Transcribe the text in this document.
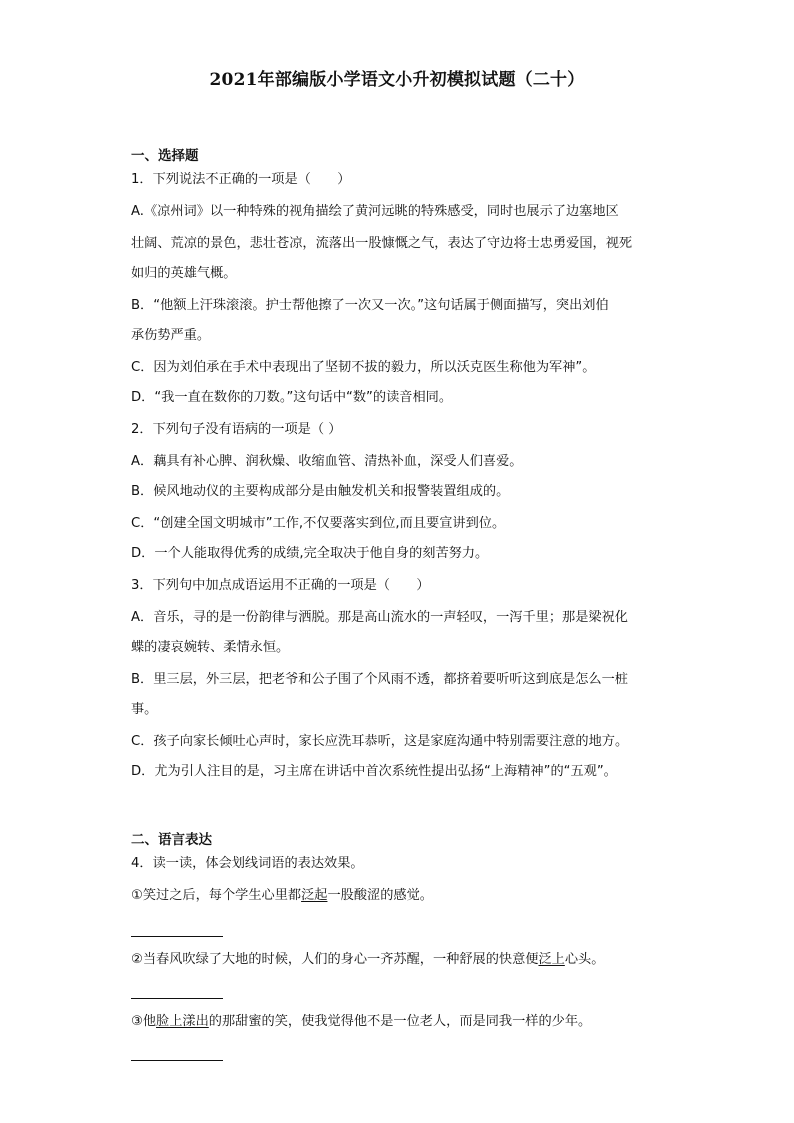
2021年部编版小学语文小升初模拟试题（二十）
一、选择题
1．下列说法不正确的一项是（　　）
A.《凉州词》以一种特殊的视角描绘了黄河远眺的特殊感受，同时也展示了边塞地区
壮阔、荒凉的景色，悲壮苍凉，流落出一股慷慨之气，表达了守边将士忠勇爱国，视死
如归的英雄气概。
B．“他额上汗珠滚滚。护士帮他擦了一次又一次。”这句话属于侧面描写，突出刘伯
承伤势严重。
C．因为刘伯承在手术中表现出了坚韧不拔的毅力，所以沃克医生称他为军神”。
D．“我一直在数你的刀数。”这句话中“数”的读音相同。
2．下列句子没有语病的一项是（ ）
A．藕具有补心脾、润秋燥、收缩血管、清热补血，深受人们喜爱。
B．候风地动仪的主要构成部分是由触发机关和报警装置组成的。
C．“创建全国文明城市”工作,不仅要落实到位,而且要宣讲到位。
D．一个人能取得优秀的成绩,完全取决于他自身的刻苦努力。
3．下列句中加点成语运用不正确的一项是（　　）
A．音乐，寻的是一份韵律与洒脱。那是高山流水的一声轻叹，一泻千里；那是梁祝化
蝶的凄哀婉转、柔情永恒。
B．里三层，外三层，把老爷和公子围了个风雨不透，都挤着要听听这到底是怎么一桩
事。
C．孩子向家长倾吐心声时，家长应洗耳恭听，这是家庭沟通中特别需要注意的地方。
D．尤为引人注目的是，习主席在讲话中首次系统性提出弘扬“上海精神”的“五观”。
二、语言表达
4．读一读，体会划线词语的表达效果。
①笑过之后，每个学生心里都泛起一股酸涩的感觉。
②当春风吹绿了大地的时候，人们的身心一齐苏醒，一种舒展的快意便泛上心头。
③他脸上漾出的那甜蜜的笑，使我觉得他不是一位老人，而是同我一样的少年。
